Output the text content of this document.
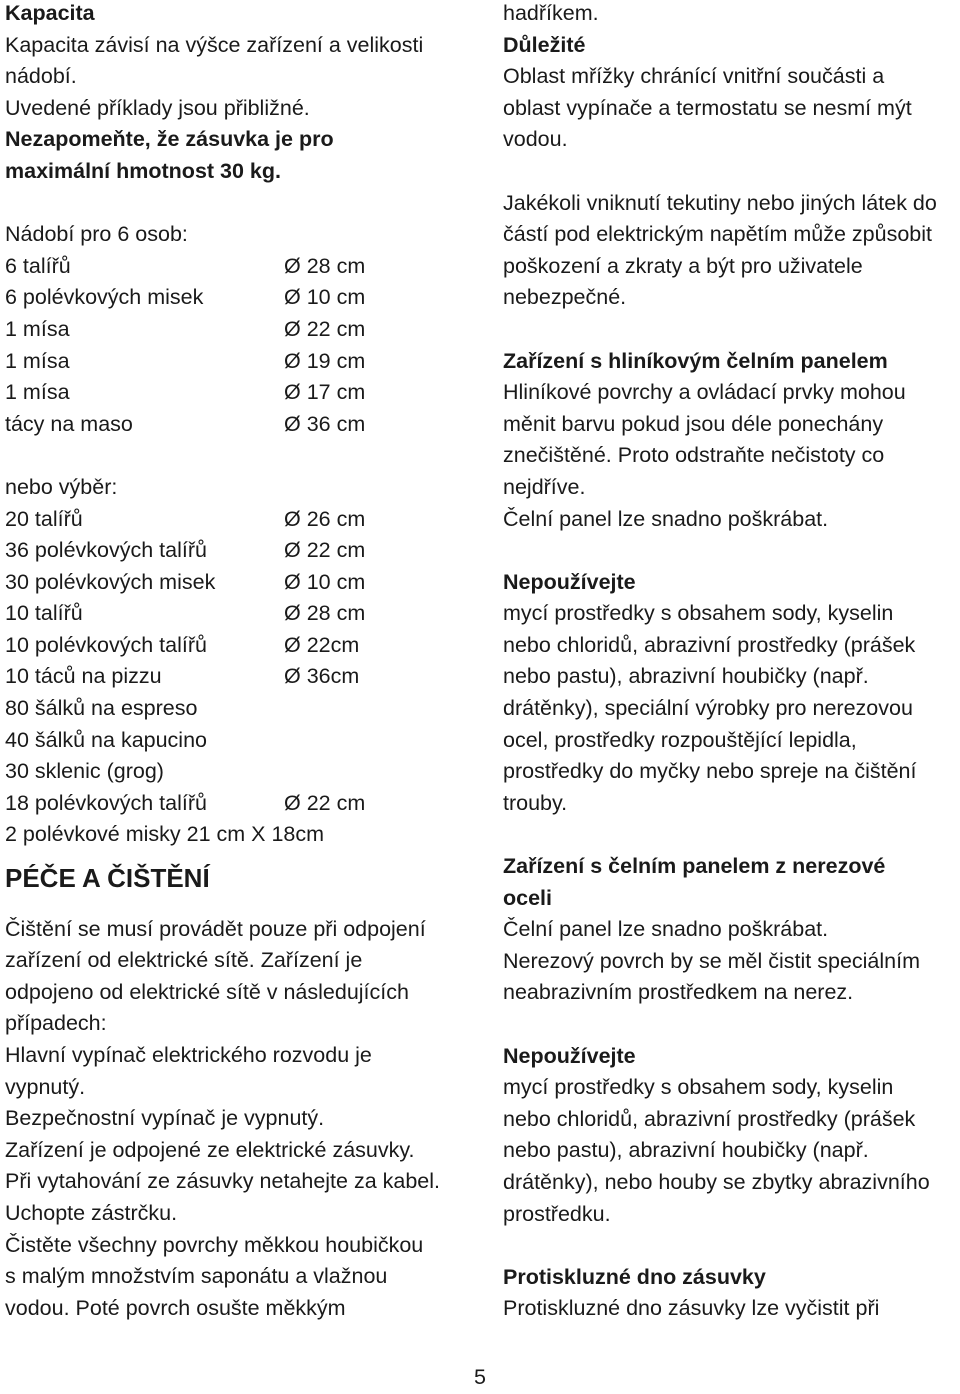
Kapacita
Kapacita závisí na výšce zařízení a velikosti
nádobí.
Uvedené příklady jsou přibližné.
Nezapomeňte, že zásuvka je pro
maximální hmotnost 30 kg.
Nádobí pro 6 osob:
6 talířů	Ø 28 cm
6 polévkových misek	Ø 10 cm
1 mísa	Ø 22 cm
1 mísa	Ø 19 cm
1 mísa	Ø 17 cm
tácy na maso	Ø 36 cm
nebo výběr:
20 talířů	Ø 26 cm
36 polévkových talířů	Ø 22 cm
30 polévkových misek	Ø 10 cm
10 talířů	Ø 28 cm
10 polévkových talířů	Ø 22cm
10 táců na pizzu	Ø 36cm
80 šálků na espreso
40 šálků na kapucino
30 sklenic (grog)
18 polévkových talířů	Ø 22 cm
2 polévkové misky 21 cm X 18cm
PÉČE A ČIŠTĚNÍ
Čištění se musí provádět pouze při odpojení
zařízení od elektrické sítě. Zařízení je
odpojeno od elektrické sítě v následujících
případech:
Hlavní vypínač elektrického rozvodu je
vypnutý.
Bezpečnostní vypínač je vypnutý.
Zařízení je odpojené ze elektrické zásuvky.
Při vytahování ze zásuvky netahejte za kabel.
Uchopte zástrčku.
Čistěte všechny povrchy měkkou houbičkou
s malým množstvím saponátu a vlažnou
vodou. Poté povrch osušte měkkým
hadříkem.
Důležité
Oblast mřížky chránící vnitřní součásti a
oblast vypínače a termostatu se nesmí mýt
vodou.
Jakékoli vniknutí tekutiny nebo jiných látek do
částí pod elektrickým napětím může způsobit
poškození a zkraty a být pro uživatele
nebezpečné.
Zařízení s hliníkovým čelním panelem
Hliníkové povrchy a ovládací prvky mohou
měnit barvu pokud jsou déle ponechány
znečištěné. Proto odstraňte nečistoty co
nejdříve.
Čelní panel lze snadno poškrábat.
Nepoužívejte
mycí prostředky s obsahem sody, kyselin
nebo chloridů, abrazivní prostředky (prášek
nebo pastu), abrazivní houbičky (např.
drátěnky), speciální výrobky pro nerezovou
ocel, prostředky rozpouštějící lepidla,
prostředky do myčky nebo spreje na čištění
trouby.
Zařízení s čelním panelem z nerezové
oceli
Čelní panel lze snadno poškrábat.
Nerezový povrch by se měl čistit speciálním
neabrazivním prostředkem na nerez.
Nepoužívejte
mycí prostředky s obsahem sody, kyselin
nebo chloridů, abrazivní prostředky (prášek
nebo pastu), abrazivní houbičky (např.
drátěnky), nebo houby se zbytky abrazivního
prostředku.
Protiskluzné dno zásuvky
Protiskluzné dno zásuvky lze vyčistit při
5
